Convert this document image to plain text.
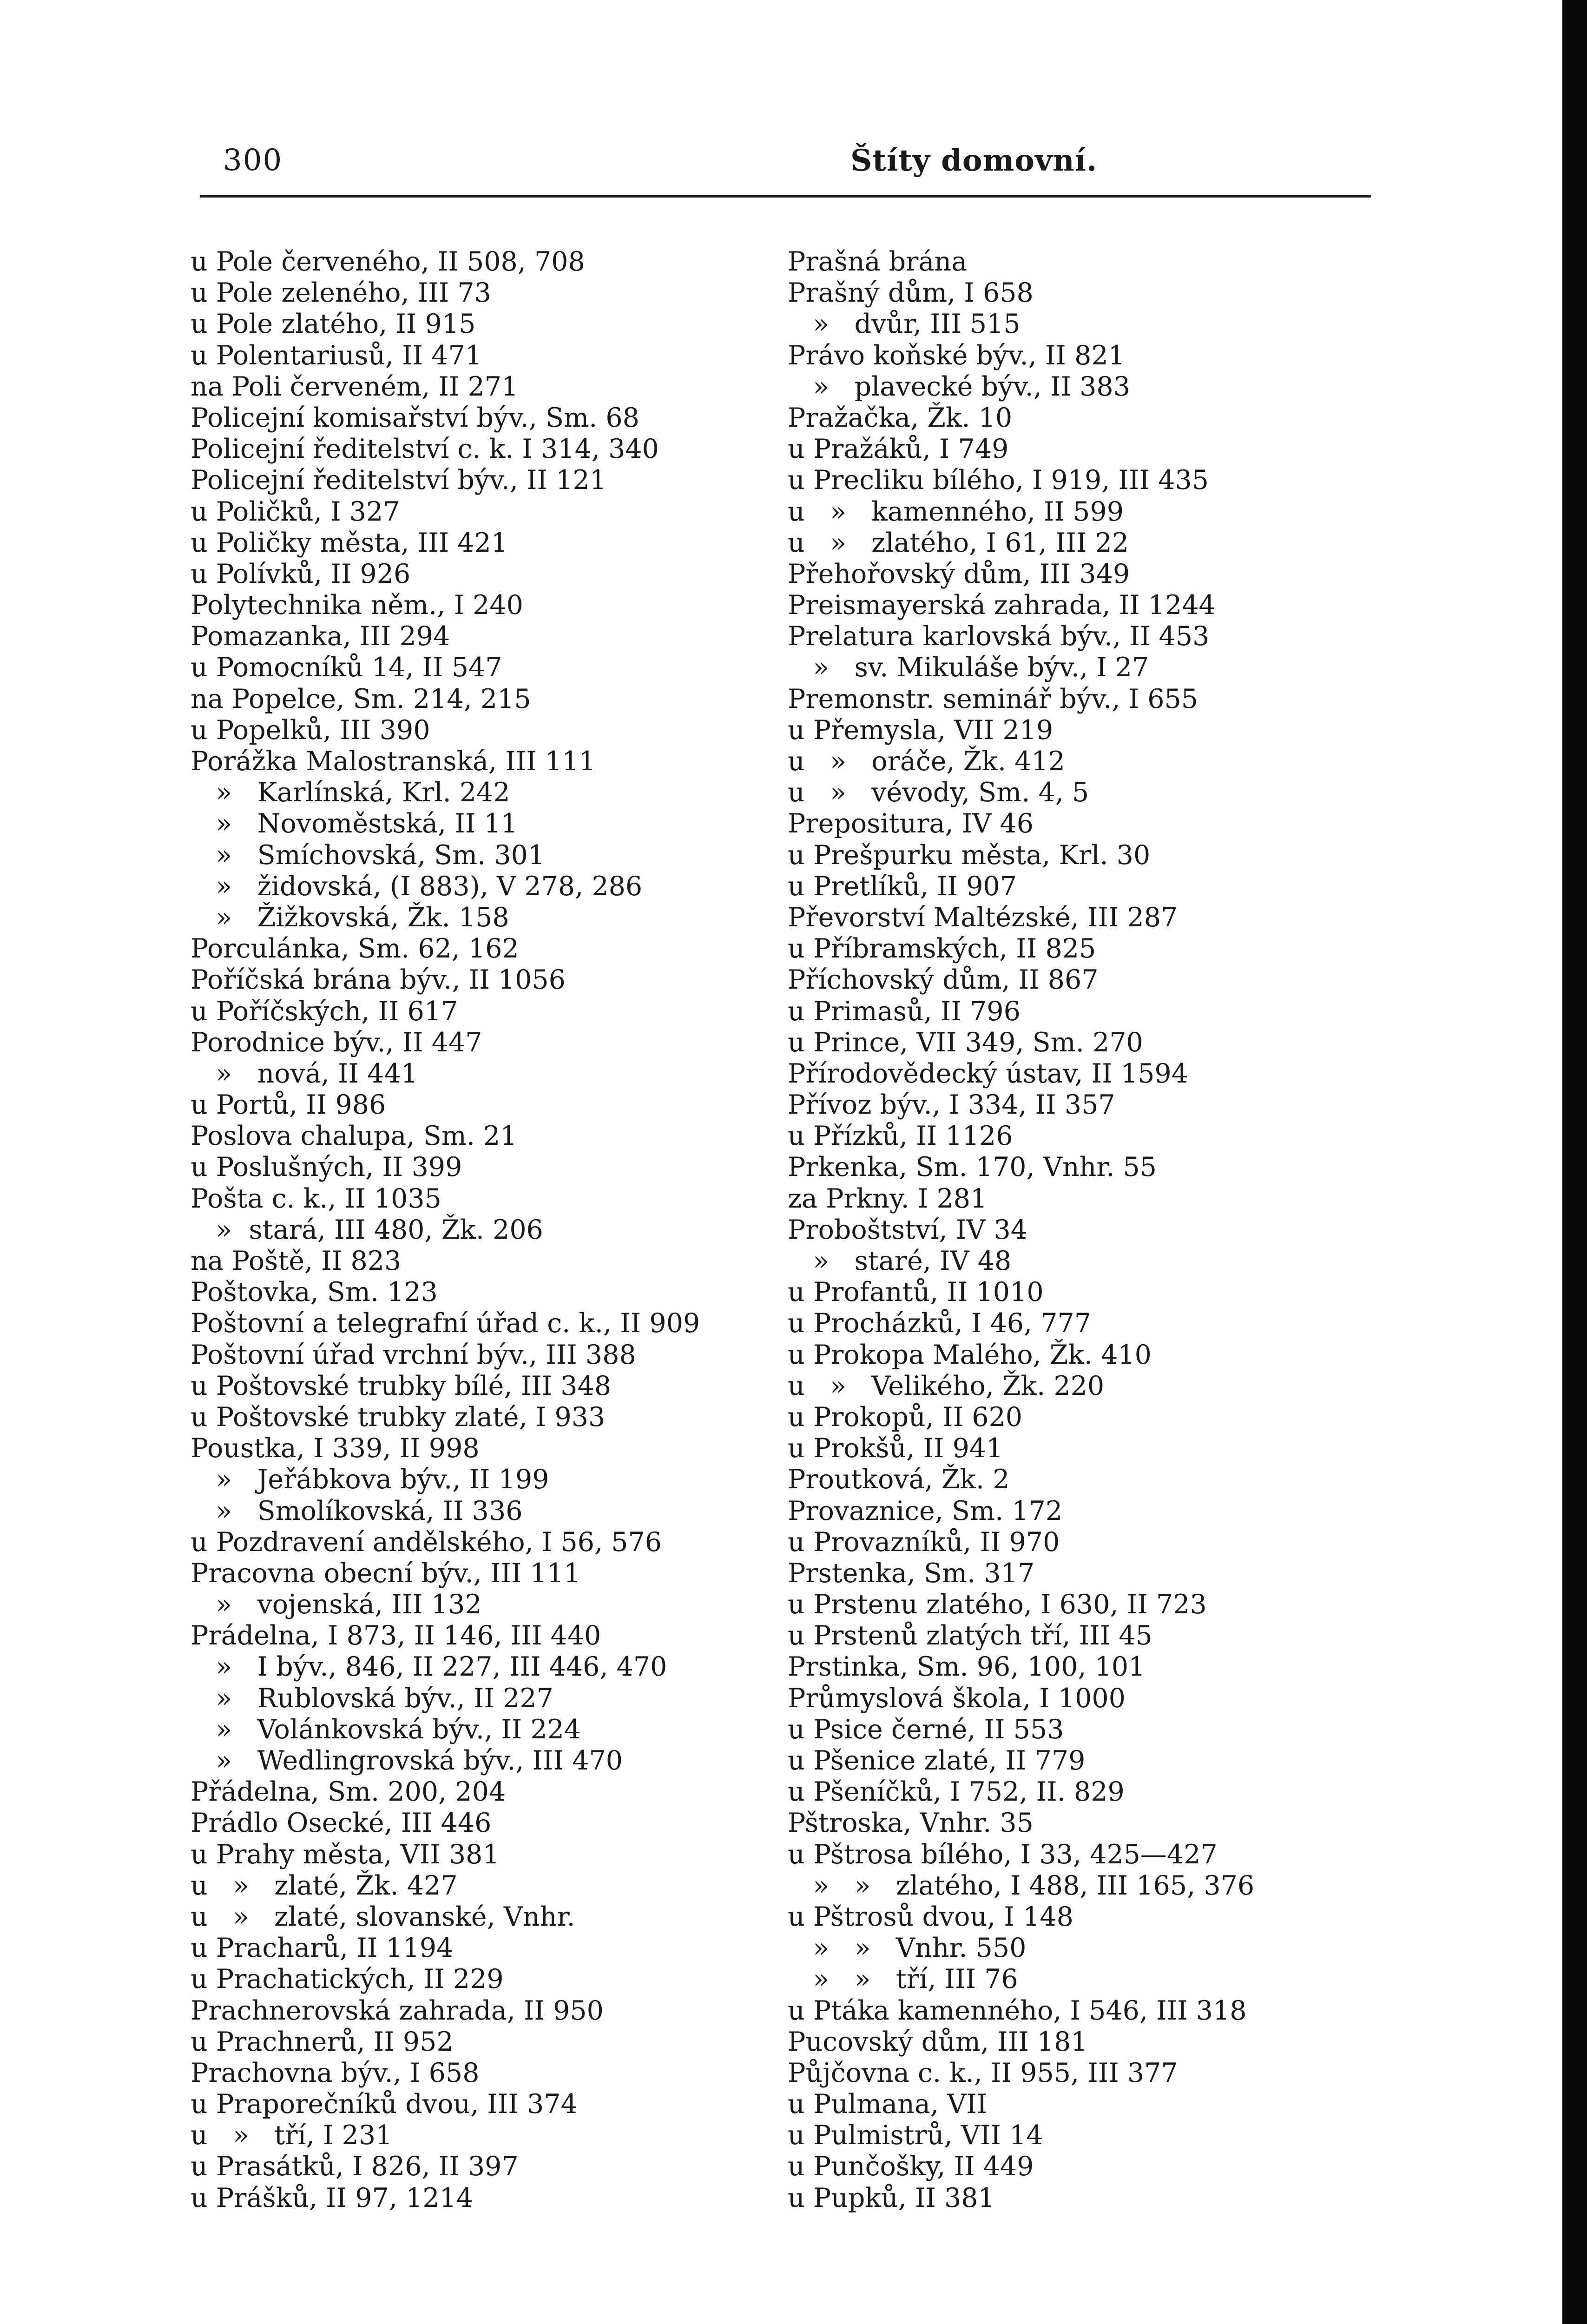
300	Štíty domovní.
u Pole červeného, II 508, 708
u Pole zeleného, III 73
u Pole zlatého, II 915
u Polentariusů, II 471
na Poli červeném, II 271
Policejní komisařství býv., Sm. 68
Policejní ředitelství c. k. I 314, 340
Policejní ředitelství býv., II 121
u Poličků, I 327
u Poličky města, III 421
u Polívků, II 926
Polytechnika něm., I 240
Pomazanka, III 294
u Pomocníků 14, II 547
na Popelce, Sm. 214, 215
u Popelků, III 390
Porážka Malostranská, III 111
»   Karlínská, Krl. 242
»   Novoměstská, II 11
»   Smíchovská, Sm. 301
»   židovská, (I 883), V 278, 286
»   Žižkovská, Žk. 158
Porculánka, Sm. 62, 162
Poříčská brána býv., II 1056
u Poříčských, II 617
Porodnice býv., II 447
»   nová, II 441
u Portů, II 986
Poslova chalupa, Sm. 21
u Poslušných, II 399
Pošta c. k., II 1035
»  stará, III 480, Žk. 206
na Poště, II 823
Poštovka, Sm. 123
Poštovní a telegrafní úřad c. k., II 909
Poštovní úřad vrchní býv., III 388
u Poštovské trubky bílé, III 348
u Poštovské trubky zlaté, I 933
Poustka, I 339, II 998
»   Jeřábkova býv., II 199
»   Smolíkovská, II 336
u Pozdravení andělského, I 56, 576
Pracovna obecní býv., III 111
»   vojenská, III 132
Prádelna, I 873, II 146, III 440
»   I býv., 846, II 227, III 446, 470
»   Rublovská býv., II 227
»   Volánkovská býv., II 224
»   Wedlingrovská býv., III 470
Přádelna, Sm. 200, 204
Prádlo Osecké, III 446
u Prahy města, VII 381
u   »   zlaté, Žk. 427
u   »   zlaté, slovanské, Vnhr.
u Pracharů, II 1194
u Prachatických, II 229
Prachnerovská zahrada, II 950
u Prachnerů, II 952
Prachovna býv., I 658
u Praporečníků dvou, III 374
u   »   tří, I 231
u Prasátků, I 826, II 397
u Prášků, II 97, 1214
Prašná brána
Prašný dům, I 658
»   dvůr, III 515
Právo koňské býv., II 821
»   plavecké býv., II 383
Pražačka, Žk. 10
u Pražáků, I 749
u Precliku bílého, I 919, III 435
u   »   kamenného, II 599
u   »   zlatého, I 61, III 22
Přehořovský dům, III 349
Preismayerská zahrada, II 1244
Prelatura karlovská býv., II 453
»   sv. Mikuláše býv., I 27
Premonstr. seminář býv., I 655
u Přemysla, VII 219
u   »   oráče, Žk. 412
u   »   vévody, Sm. 4, 5
Prepositura, IV 46
u Prešpurku města, Krl. 30
u Pretlíků, II 907
Převorství Maltézské, III 287
u Příbramských, II 825
Příchovský dům, II 867
u Primasů, II 796
u Prince, VII 349, Sm. 270
Přírodovědecký ústav, II 1594
Přívoz býv., I 334, II 357
u Přízků, II 1126
Prkenka, Sm. 170, Vnhr. 55
za Prkny. I 281
Proboštství, IV 34
»   staré, IV 48
u Profantů, II 1010
u Procházků, I 46, 777
u Prokopa Malého, Žk. 410
u   »   Velikého, Žk. 220
u Prokopů, II 620
u Prokšů, II 941
Proutková, Žk. 2
Provaznice, Sm. 172
u Provazníků, II 970
Prstenka, Sm. 317
u Prstenu zlatého, I 630, II 723
u Prstenů zlatých tří, III 45
Prstinka, Sm. 96, 100, 101
Průmyslová škola, I 1000
u Psice černé, II 553
u Pšenice zlaté, II 779
u Pšeníčků, I 752, II. 829
Pštroska, Vnhr. 35
u Pštrosa bílého, I 33, 425—427
»   »   zlatého, I 488, III 165, 376
u Pštrosů dvou, I 148
»   »   Vnhr. 550
»   »   tří, III 76
u Ptáka kamenného, I 546, III 318
Pucovský dům, III 181
Půjčovna c. k., II 955, III 377
u Pulmana, VII
u Pulmistrů, VII 14
u Punčošky, II 449
u Pupků, II 381
